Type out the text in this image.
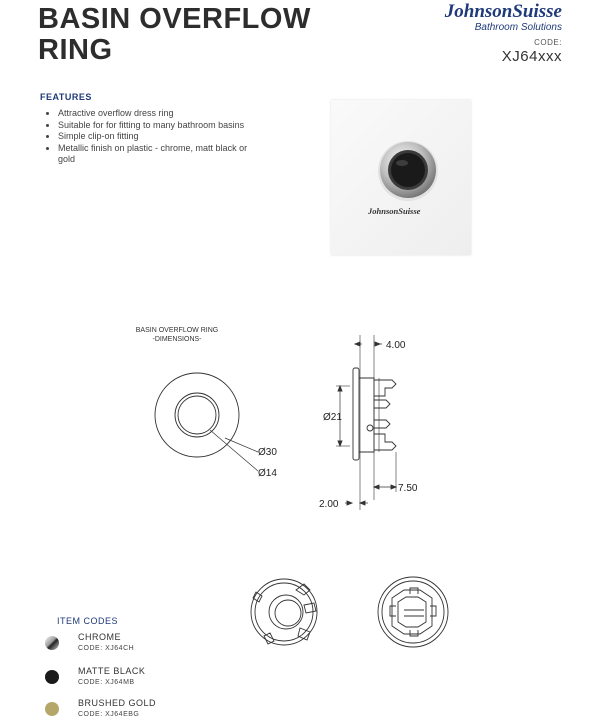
BASIN OVERFLOW
RING
JohnsonSuisse
Bathroom Solutions
CODE:
XJ64xxx
FEATURES
• Attractive overflow dress ring
• Suitable for for fitting to many bathroom basins
• Simple clip-on fitting
• Metallic finish on plastic - chrome, matt black or gold
JohnsonSuisse
BASIN OVERFLOW RING
-DIMENSIONS-
Ø30
Ø14
4.00
Ø21
7.50
2.00
ITEM CODES
CHROME
CODE: XJ64CH
MATTE BLACK
CODE: XJ64MB
BRUSHED GOLD
CODE: XJ64EBG
